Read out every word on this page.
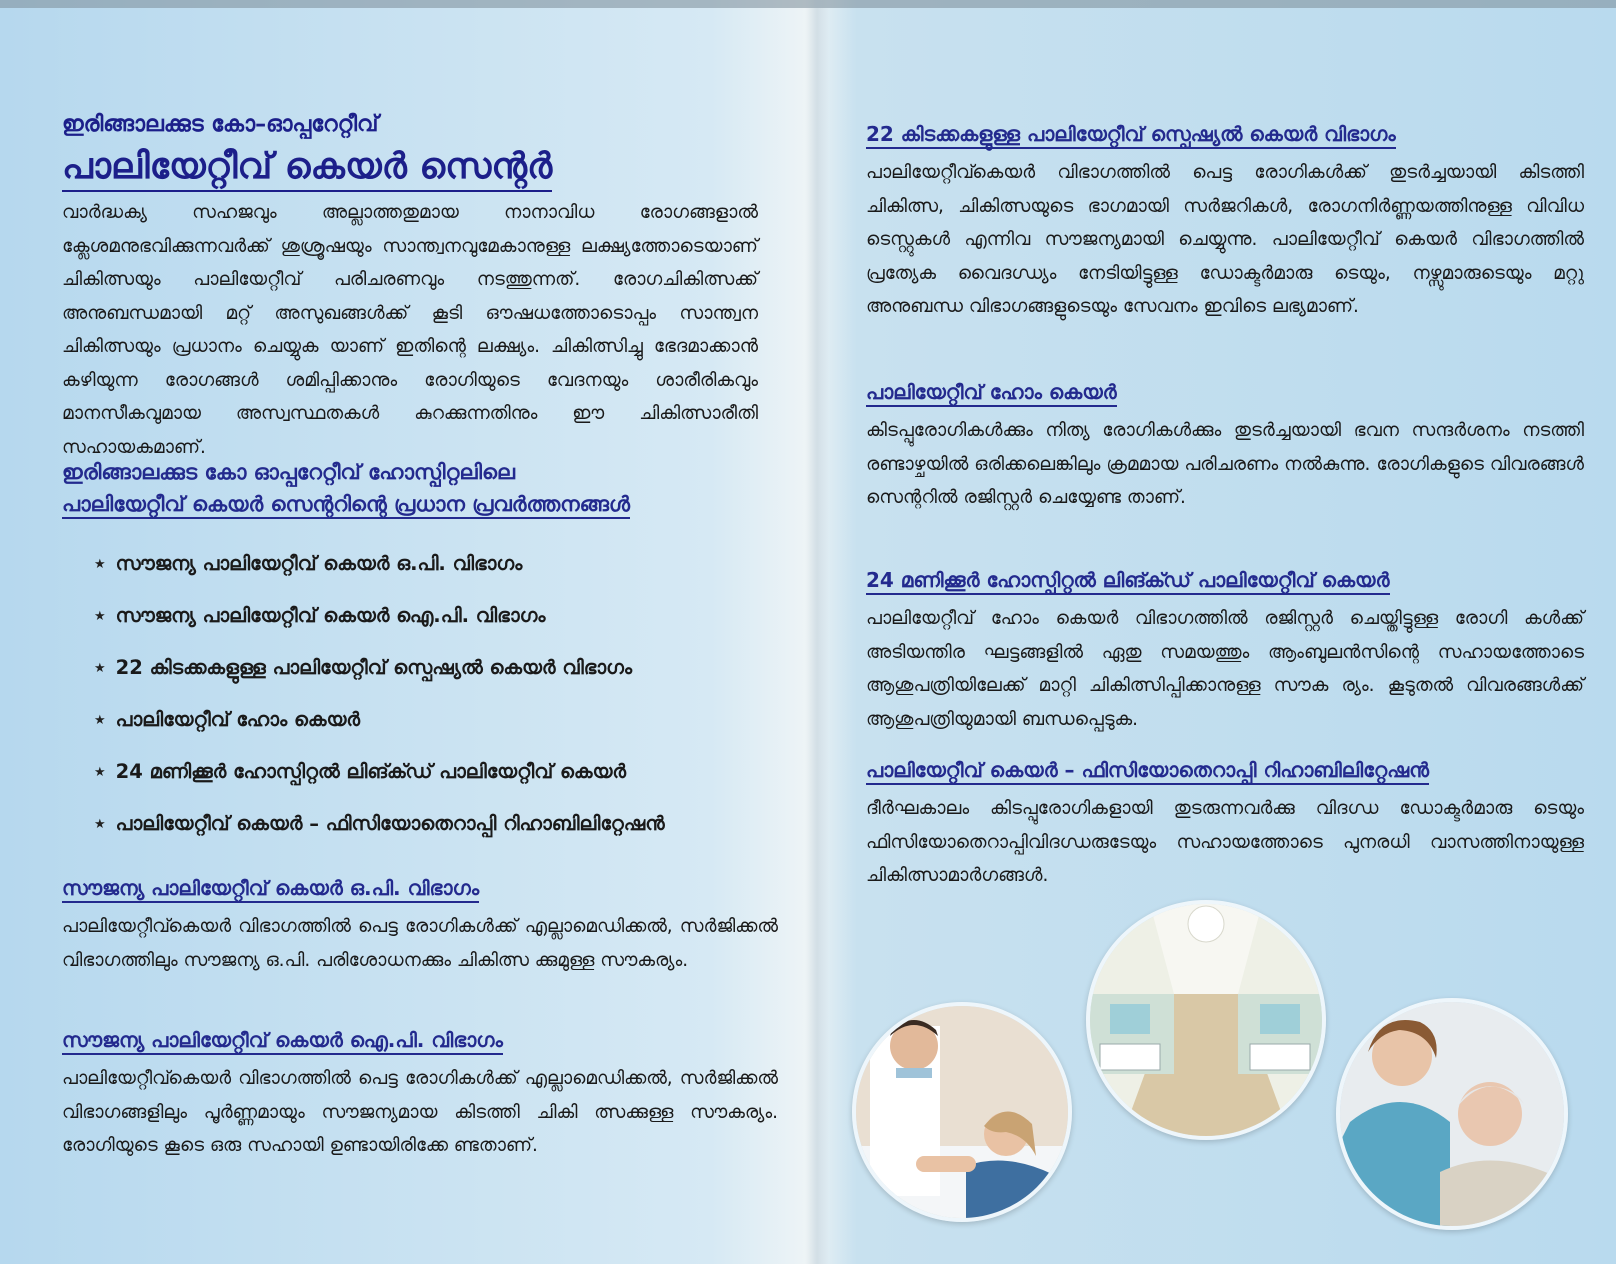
ഇരിങ്ങാലക്കുട കോ–ഓപ്പറേറ്റീവ്
പാലിയേറ്റീവ് കെയർ സെന്റർ
വാർദ്ധക്യ സഹജവും അല്ലാത്തതുമായ നാനാവിധ രോഗങ്ങളാൽ ക്ലേശമനുഭവിക്കുന്നവർക്ക് ശുശ്രൂഷയും സാന്ത്വനവുമേകാനുള്ള ലക്ഷ്യത്തോടെയാണ് ചികിത്സയും പാലിയേറ്റീവ് പരിചരണവും നടത്തുന്നത്. രോഗചികിത്സക്ക് അനുബന്ധമായി മറ്റ് അസുഖങ്ങൾക്ക് കൂടി ഔഷധത്തോടൊപ്പം സാന്ത്വന ചികിത്സയും പ്രധാനം ചെയ്യുക യാണ് ഇതിന്റെ ലക്ഷ്യം. ചികിത്സിച്ചു ഭേദമാക്കാൻ കഴിയുന്ന രോഗങ്ങൾ ശമിപ്പിക്കാനും രോഗിയുടെ വേദനയും ശാരീരികവും മാനസീകവുമായ അസ്വസ്ഥതകൾ കുറക്കുന്നതിനും ഈ ചികിത്സാരീതി സഹായകമാണ്.
ഇരിങ്ങാലക്കുട കോ ഓപ്പറേറ്റീവ് ഹോസ്പിറ്റലിലെ
പാലിയേറ്റീവ് കെയർ സെന്ററിന്റെ പ്രധാന പ്രവർത്തനങ്ങൾ
★ സൗജന്യ പാലിയേറ്റീവ് കെയർ ഒ.പി. വിഭാഗം
★ സൗജന്യ പാലിയേറ്റീവ് കെയർ ഐ.പി. വിഭാഗം
★ 22 കിടക്കകളുള്ള പാലിയേറ്റീവ് സ്പെഷ്യൽ കെയർ വിഭാഗം
★ പാലിയേറ്റീവ് ഹോം കെയർ
★ 24 മണിക്കൂർ ഹോസ്പിറ്റൽ ലിങ്ക്ഡ് പാലിയേറ്റീവ് കെയർ
★ പാലിയേറ്റീവ് കെയർ – ഫിസിയോതെറാപ്പി റിഹാബിലിറ്റേഷൻ
സൗജന്യ പാലിയേറ്റീവ് കെയർ ഒ.പി. വിഭാഗം
പാലിയേറ്റീവ്കെയർ വിഭാഗത്തിൽ പെട്ട രോഗികൾക്ക് എല്ലാമെഡിക്കൽ, സർജിക്കൽ വിഭാഗത്തിലും സൗജന്യ ഒ.പി. പരിശോധനക്കും ചികിത്സ ക്കുമുള്ള സൗകര്യം.
സൗജന്യ പാലിയേറ്റീവ് കെയർ ഐ.പി. വിഭാഗം
പാലിയേറ്റീവ്കെയർ വിഭാഗത്തിൽ പെട്ട രോഗികൾക്ക് എല്ലാമെഡിക്കൽ, സർജിക്കൽ വിഭാഗങ്ങളിലും പൂർണ്ണമായും സൗജന്യമായ കിടത്തി ചികി ത്സക്കുള്ള സൗകര്യം. രോഗിയുടെ കൂടെ ഒരു സഹായി ഉണ്ടായിരിക്കേ ണ്ടതാണ്.
22 കിടക്കകളുള്ള പാലിയേറ്റീവ് സ്പെഷ്യൽ കെയർ വിഭാഗം
പാലിയേറ്റീവ്കെയർ വിഭാഗത്തിൽ പെട്ട രോഗികൾക്ക് തുടർച്ചയായി കിടത്തി ചികിത്സ, ചികിത്സയുടെ ഭാഗമായി സർജറികൾ, രോഗനിർണ്ണയത്തിനുള്ള വിവിധ ടെസ്റ്റുകൾ എന്നിവ സൗജന്യമായി ചെയ്യുന്നു. പാലിയേറ്റീവ് കെയർ വിഭാഗത്തിൽ പ്രത്യേക വൈദഗ്ധ്യം നേടിയിട്ടുള്ള ഡോക്ടർമാരു ടെയും, നഴ്സുമാരുടെയും മറ്റു അനുബന്ധ വിഭാഗങ്ങളുടെയും സേവനം ഇവിടെ ലഭ്യമാണ്.
പാലിയേറ്റീവ് ഹോം കെയർ
കിടപ്പുരോഗികൾക്കും നിത്യ രോഗികൾക്കും തുടർച്ചയായി ഭവന സന്ദർശനം നടത്തി രണ്ടാഴ്ചയിൽ ഒരിക്കലെങ്കിലും ക്രമമായ പരിചരണം നൽകുന്നു. രോഗികളുടെ വിവരങ്ങൾ സെന്ററിൽ രജിസ്റ്റർ ചെയ്യേണ്ട താണ്.
24 മണിക്കൂർ ഹോസ്പിറ്റൽ ലിങ്ക്ഡ് പാലിയേറ്റീവ് കെയർ
പാലിയേറ്റീവ് ഹോം കെയർ വിഭാഗത്തിൽ രജിസ്റ്റർ ചെയ്തിട്ടുള്ള രോഗി കൾക്ക് അടിയന്തിര ഘട്ടങ്ങളിൽ ഏതു സമയത്തും ആംബുലൻസിന്റെ സഹായത്തോടെ ആശുപത്രിയിലേക്ക് മാറ്റി ചികിത്സിപ്പിക്കാനുള്ള സൗക ര്യം. കൂടുതൽ വിവരങ്ങൾക്ക് ആശുപത്രിയുമായി ബന്ധപ്പെടുക.
പാലിയേറ്റീവ് കെയർ – ഫിസിയോതെറാപ്പി റിഹാബിലിറ്റേഷൻ
ദീർഘകാലം കിടപ്പുരോഗികളായി തുടരുന്നവർക്കു വിദഗ്ധ ഡോക്ടർമാരു ടെയും ഫിസിയോതെറാപ്പിവിദഗ്ധരുടേയും സഹായത്തോടെ പുനരധി വാസത്തിനായുള്ള ചികിത്സാമാർഗങ്ങൾ.
